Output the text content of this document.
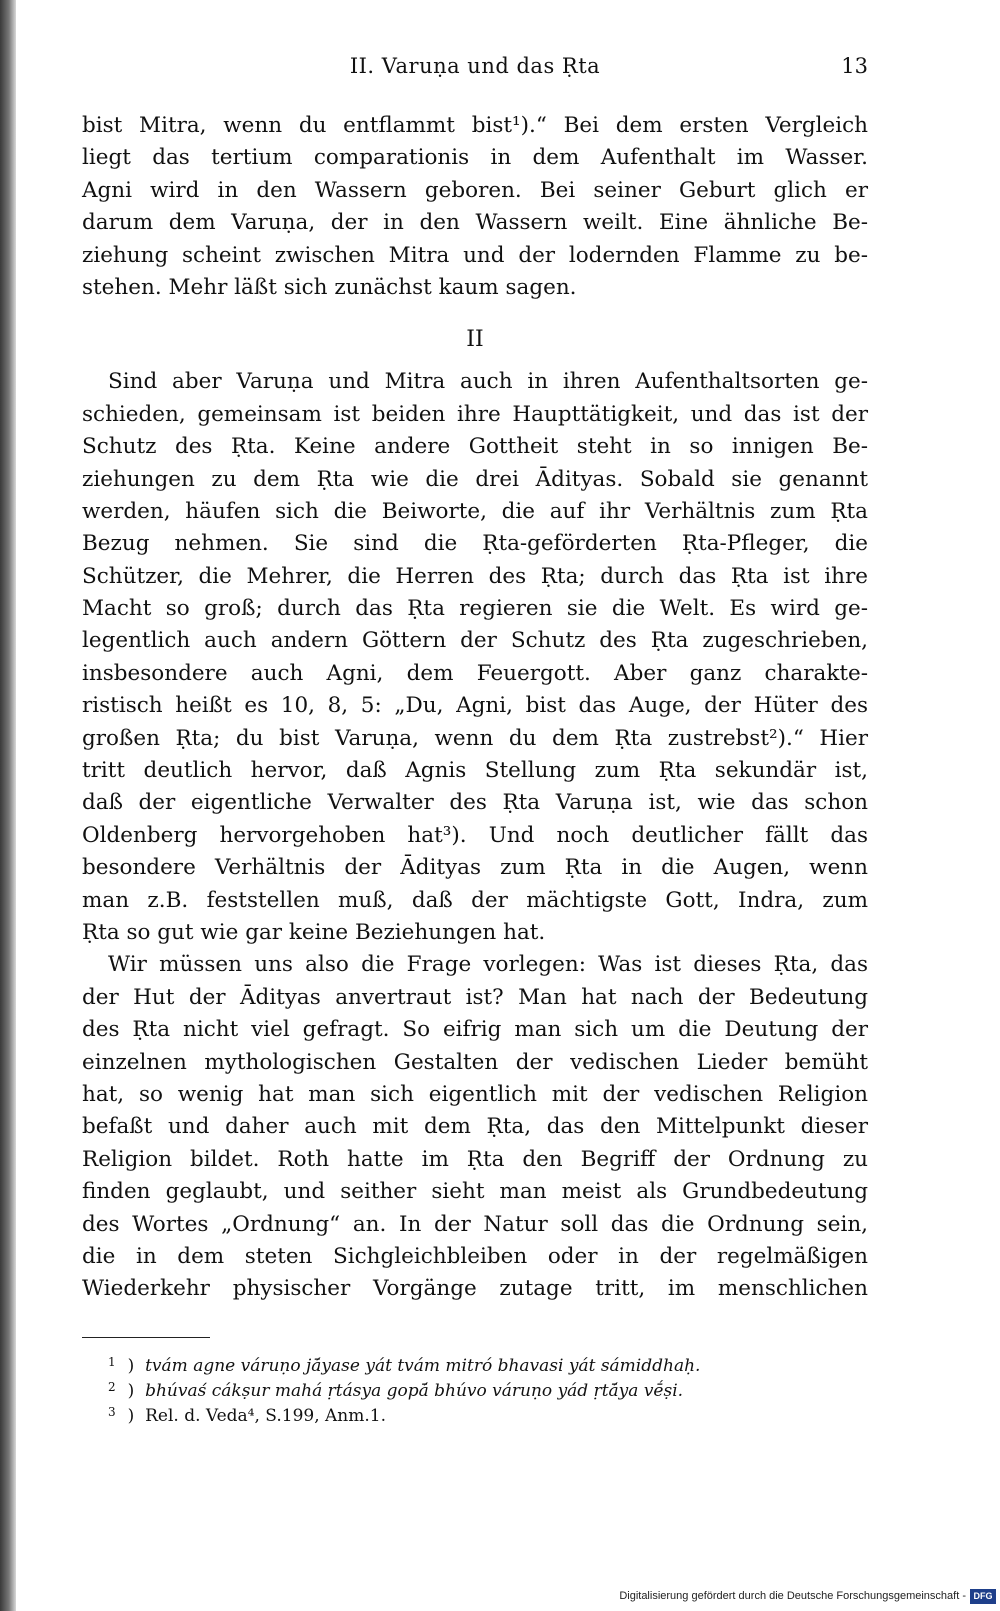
II. Varuṇa und das Ṛta	13
bist Mitra, wenn du entflammt bist¹).“ Bei dem ersten Vergleich
liegt das tertium comparationis in dem Aufenthalt im Wasser.
Agni wird in den Wassern geboren. Bei seiner Geburt glich er
darum dem Varuṇa, der in den Wassern weilt. Eine ähnliche Be-
ziehung scheint zwischen Mitra und der lodernden Flamme zu be-
stehen. Mehr läßt sich zunächst kaum sagen.
II
Sind aber Varuṇa und Mitra auch in ihren Aufenthaltsorten ge-
schieden, gemeinsam ist beiden ihre Haupttätigkeit, und das ist der
Schutz des Ṛta. Keine andere Gottheit steht in so innigen Be-
ziehungen zu dem Ṛta wie die drei Ādityas. Sobald sie genannt
werden, häufen sich die Beiworte, die auf ihr Verhältnis zum Ṛta
Bezug nehmen. Sie sind die Ṛta-geförderten Ṛta-Pfleger, die
Schützer, die Mehrer, die Herren des Ṛta; durch das Ṛta ist ihre
Macht so groß; durch das Ṛta regieren sie die Welt. Es wird ge-
legentlich auch andern Göttern der Schutz des Ṛta zugeschrieben,
insbesondere auch Agni, dem Feuergott. Aber ganz charakte-
ristisch heißt es 10, 8, 5: „Du, Agni, bist das Auge, der Hüter des
großen Ṛta; du bist Varuṇa, wenn du dem Ṛta zustrebst²).“ Hier
tritt deutlich hervor, daß Agnis Stellung zum Ṛta sekundär ist,
daß der eigentliche Verwalter des Ṛta Varuṇa ist, wie das schon
Oldenberg hervorgehoben hat³). Und noch deutlicher fällt das
besondere Verhältnis der Ādityas zum Ṛta in die Augen, wenn
man z.B. feststellen muß, daß der mächtigste Gott, Indra, zum
Ṛta so gut wie gar keine Beziehungen hat.
Wir müssen uns also die Frage vorlegen: Was ist dieses Ṛta, das
der Hut der Ādityas anvertraut ist? Man hat nach der Bedeutung
des Ṛta nicht viel gefragt. So eifrig man sich um die Deutung der
einzelnen mythologischen Gestalten der vedischen Lieder bemüht
hat, so wenig hat man sich eigentlich mit der vedischen Religion
befaßt und daher auch mit dem Ṛta, das den Mittelpunkt dieser
Religion bildet. Roth hatte im Ṛta den Begriff der Ordnung zu
finden geglaubt, und seither sieht man meist als Grundbedeutung
des Wortes „Ordnung“ an. In der Natur soll das die Ordnung sein,
die in dem steten Sichgleichbleiben oder in der regelmäßigen
Wiederkehr physischer Vorgänge zutage tritt, im menschlichen
$^1$ )  tvám agne váruṇo jā́yase yát tvám mitró bhavasi yát sámiddhaḥ.
$^2$ )  bhúvaś cákṣur mahá ṛtásya gopā́ bhúvo váruṇo yád ṛtā́ya vḗṣi.
$^3$ )  Rel. d. Veda⁴, S.199, Anm.1.
Digitalisierung gefördert durch die Deutsche Forschungsgemeinschaft - DFG
